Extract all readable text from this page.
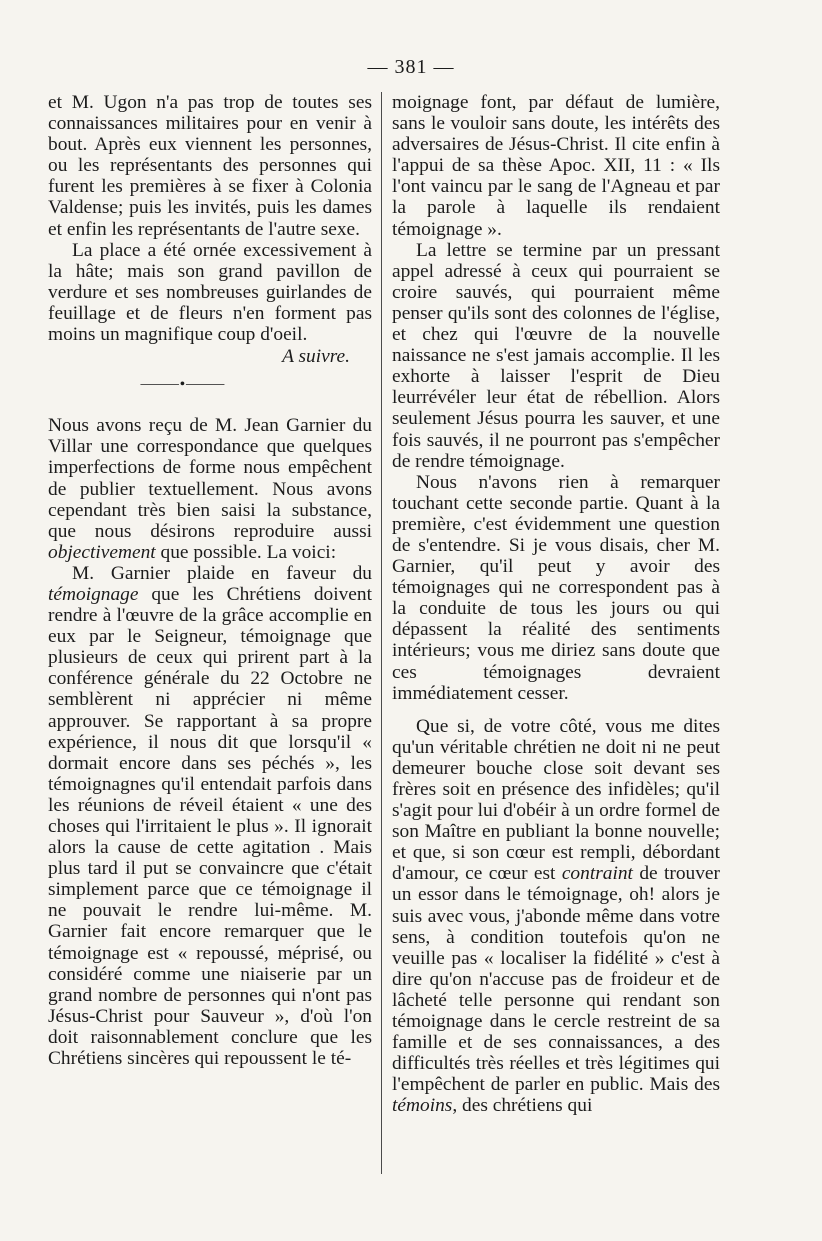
— 381 —

et M. Ugon n'a pas trop de toutes ses connaissances militaires pour en venir à bout. Après eux viennent les personnes, ou les représentants des personnes qui furent les premières à se fixer à Colonia Valdense; puis les invités, puis les dames et enfin les représentants de l'autre sexe.

La place a été ornée excessivement à la hâte; mais son grand pavillon de verdure et ses nombreuses guirlandes de feuillage et de fleurs n'en forment pas moins un magnifique coup d'oeil.

A suivre.
⸻•⸻

Nous avons reçu de M. Jean Garnier du Villar une correspondance que quelques imperfections de forme nous empêchent de publier textuellement. Nous avons cependant très bien saisi la substance, que nous désirons reproduire aussi objectivement que possible. La voici:

M. Garnier plaide en faveur du témoignage que les Chrétiens doivent rendre à l'œuvre de la grâce accomplie en eux par le Seigneur, témoignage que plusieurs de ceux qui prirent part à la conférence générale du 22 Octobre ne semblèrent ni apprécier ni même approuver. Se rapportant à sa propre expérience, il nous dit que lorsqu'il « dormait encore dans ses péchés », les témoignagnes qu'il entendait parfois dans les réunions de réveil étaient « une des choses qui l'irritaient le plus ». Il ignorait alors la cause de cette agitation . Mais plus tard il put se convaincre que c'était simplement parce que ce témoignage il ne pouvait le rendre lui-même. M. Garnier fait encore remarquer que le témoignage est « repoussé, méprisé, ou considéré comme une niaiserie par un grand nombre de personnes qui n'ont pas Jésus-Christ pour Sauveur », d'où l'on doit raisonnablement conclure que les Chrétiens sincères qui repoussent le té-

moignage font, par défaut de lumière, sans le vouloir sans doute, les intérêts des adversaires de Jésus-Christ. Il cite enfin à l'appui de sa thèse Apoc. XII, 11 : « Ils l'ont vaincu par le sang de l'Agneau et par la parole à laquelle ils rendaient témoignage ».

La lettre se termine par un pressant appel adressé à ceux qui pourraient se croire sauvés, qui pourraient même penser qu'ils sont des colonnes de l'église, et chez qui l'œuvre de la nouvelle naissance ne s'est jamais accomplie. Il les exhorte à laisser l'esprit de Dieu leurrévéler leur état de rébellion. Alors seulement Jésus pourra les sauver, et une fois sauvés, il ne pourront pas s'empêcher de rendre témoignage.

Nous n'avons rien à remarquer touchant cette seconde partie. Quant à la première, c'est évidemment une question de s'entendre. Si je vous disais, cher M. Garnier, qu'il peut y avoir des témoignages qui ne correspondent pas à la conduite de tous les jours ou qui dépassent la réalité des sentiments intérieurs; vous me diriez sans doute que ces témoignages devraient immédiatement cesser.

Que si, de votre côté, vous me dites qu'un véritable chrétien ne doit ni ne peut demeurer bouche close soit devant ses frères soit en présence des infidèles; qu'il s'agit pour lui d'obéir à un ordre formel de son Maître en publiant la bonne nouvelle; et que, si son cœur est rempli, débordant d'amour, ce cœur est contraint de trouver un essor dans le témoignage, oh! alors je suis avec vous, j'abonde même dans votre sens, à condition toutefois qu'on ne veuille pas « localiser la fidélité » c'est à dire qu'on n'accuse pas de froideur et de lâcheté telle personne qui rendant son témoignage dans le cercle restreint de sa famille et de ses connaissances, a des difficultés très réelles et très légitimes qui l'empêchent de parler en public. Mais des témoins, des chrétiens qui
